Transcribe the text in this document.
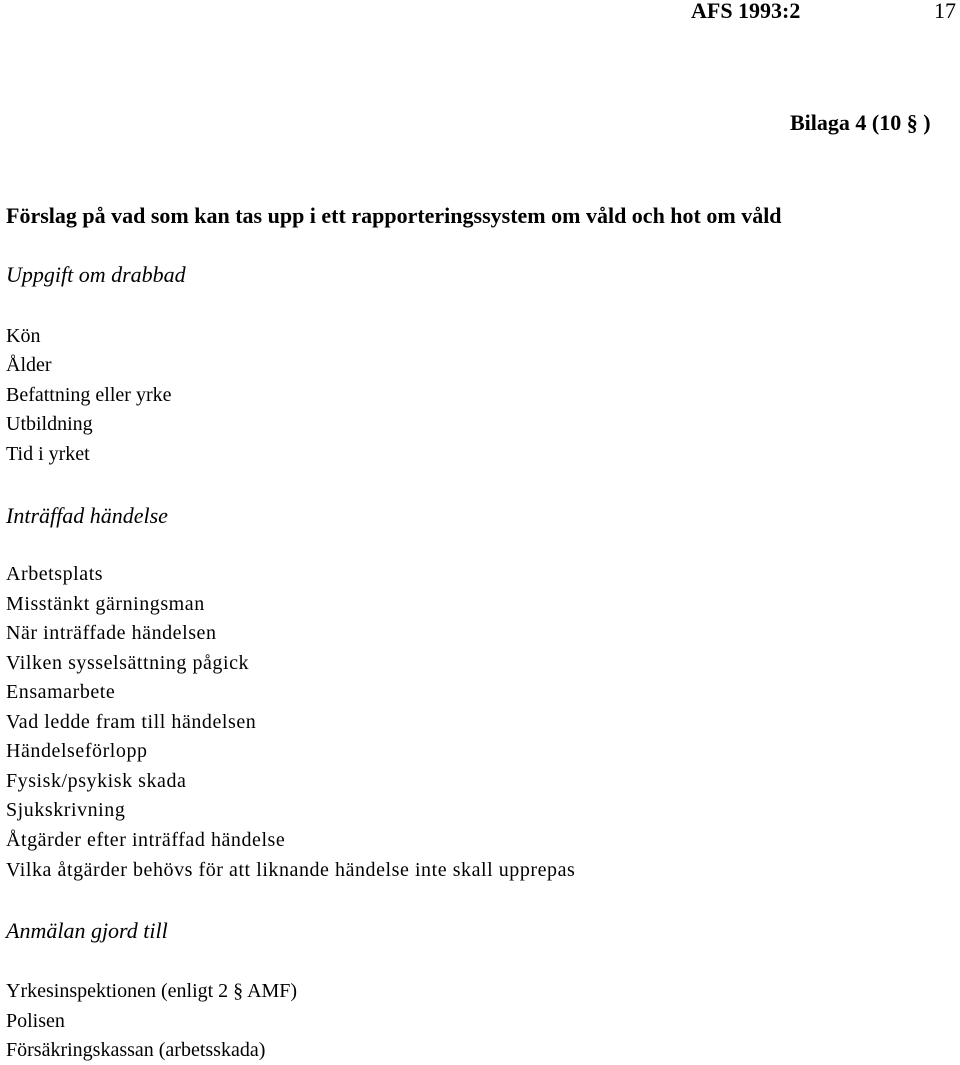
AFS 1993:2	17
Bilaga 4 (10 § )
Förslag på vad som kan tas upp i ett rapporteringssystem om våld och hot om våld
Uppgift om drabbad
Kön
Ålder
Befattning eller yrke
Utbildning
Tid i yrket
Inträffad händelse
Arbetsplats
Misstänkt gärningsman
När inträffade händelsen
Vilken sysselsättning pågick
Ensamarbete
Vad ledde fram till händelsen
Händelseförlopp
Fysisk/psykisk skada
Sjukskrivning
Åtgärder efter inträffad händelse
Vilka åtgärder behövs för att liknande händelse inte skall upprepas
Anmälan gjord till
Yrkesinspektionen (enligt 2 § AMF)
Polisen
Försäkringskassan (arbetsskada)
